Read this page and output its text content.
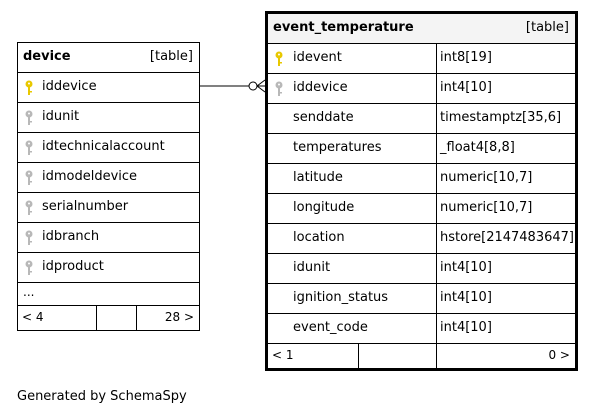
device	[table]
iddevice
idunit
idtechnicalaccount
idmodeldevice
serialnumber
idbranch
idproduct
...
< 4	28 >
event_temperature	[table]
idevent	int8[19]
iddevice	int4[10]
senddate	timestamptz[35,6]
temperatures	_float4[8,8]
latitude	numeric[10,7]
longitude	numeric[10,7]
location	hstore[2147483647]
idunit	int4[10]
ignition_status	int4[10]
event_code	int4[10]
< 1	0 >
Generated by SchemaSpy
